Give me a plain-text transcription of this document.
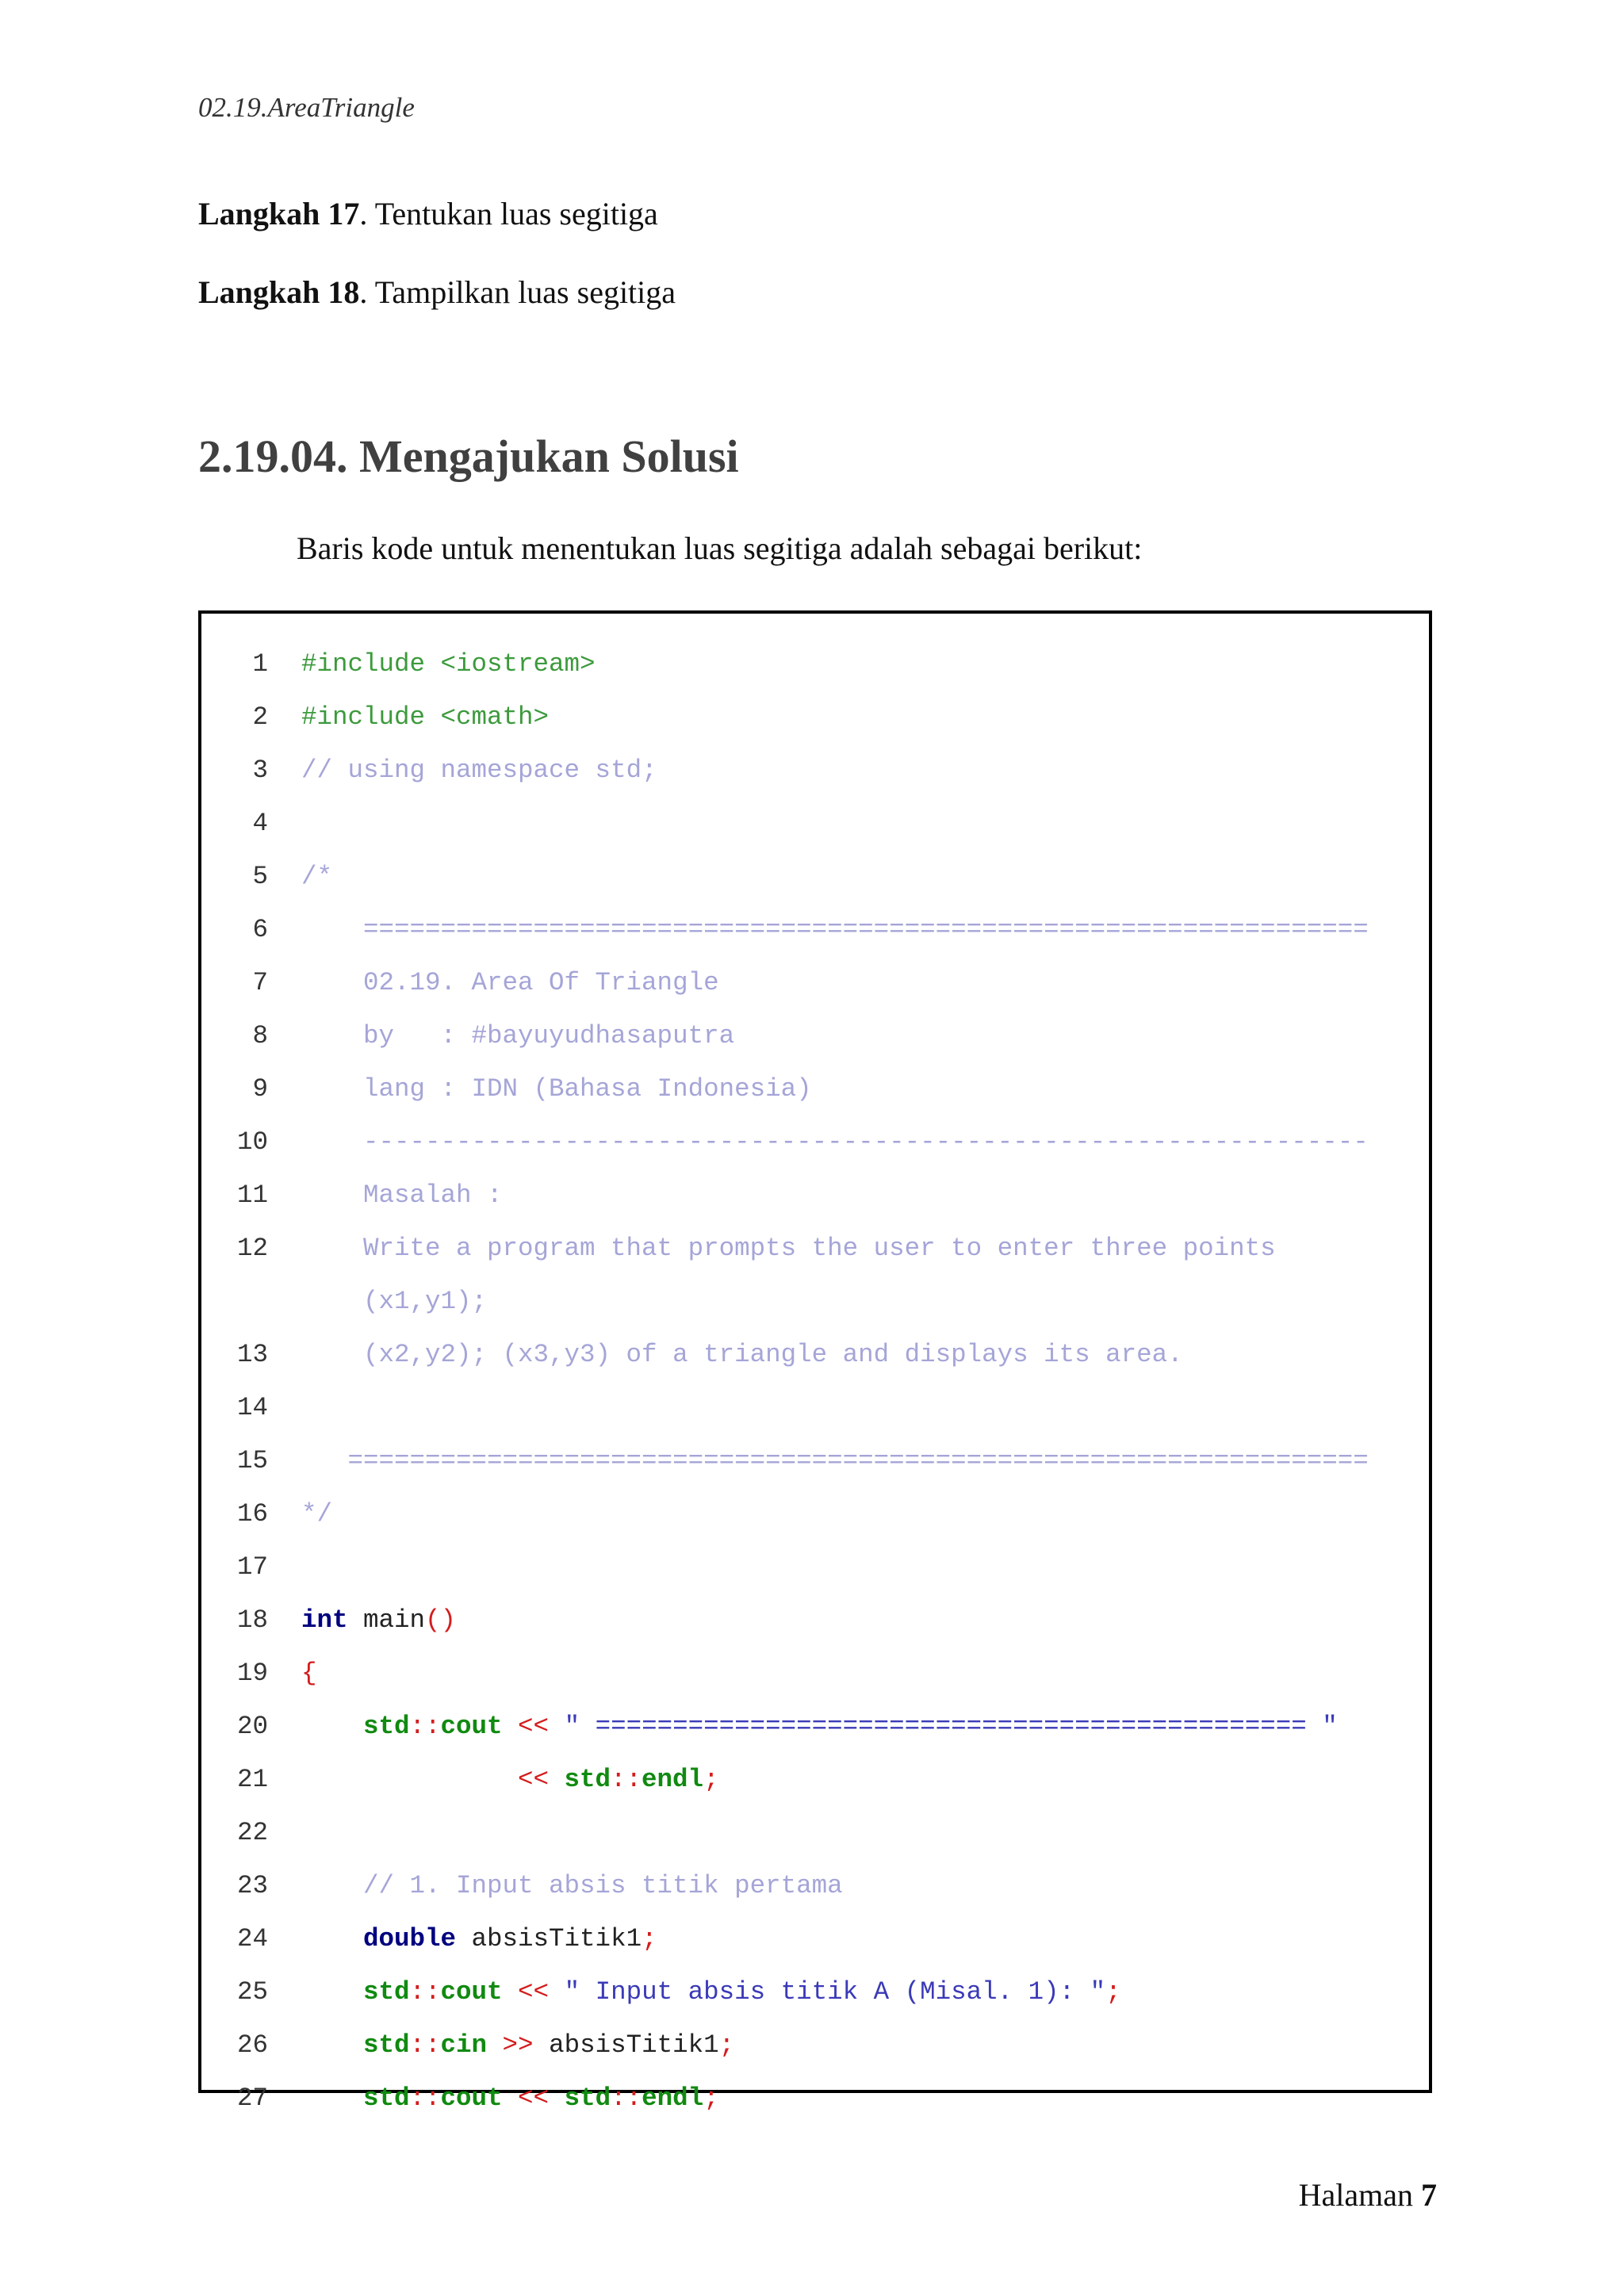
02.19.AreaTriangle
Langkah 17. Tentukan luas segitiga
Langkah 18. Tampilkan luas segitiga
2.19.04. Mengajukan Solusi
Baris kode untuk menentukan luas segitiga adalah sebagai berikut:
1 #include <iostream>
2 #include <cmath>
3 // using namespace std;
4
5 /*
6	=================================================================
7	02.19. Area Of Triangle
8	by   : #bayuyudhasaputra
9	lang : IDN (Bahasa Indonesia)
10	-----------------------------------------------------------------
11	Masalah :
12	Write a program that prompts the user to enter three points
(x1,y1);
13	(x2,y2); (x3,y3) of a triangle and displays its area.
14
15	==================================================================
16 */
17
18 int main()
19 {
20	std::cout << " ============================================== "
21	<< std::endl;
22
23	// 1. Input absis titik pertama
24	double absisTitik1;
25	std::cout << " Input absis titik A (Misal. 1): ";
26	std::cin >> absisTitik1;
27	std::cout << std::endl;
Halaman 7
